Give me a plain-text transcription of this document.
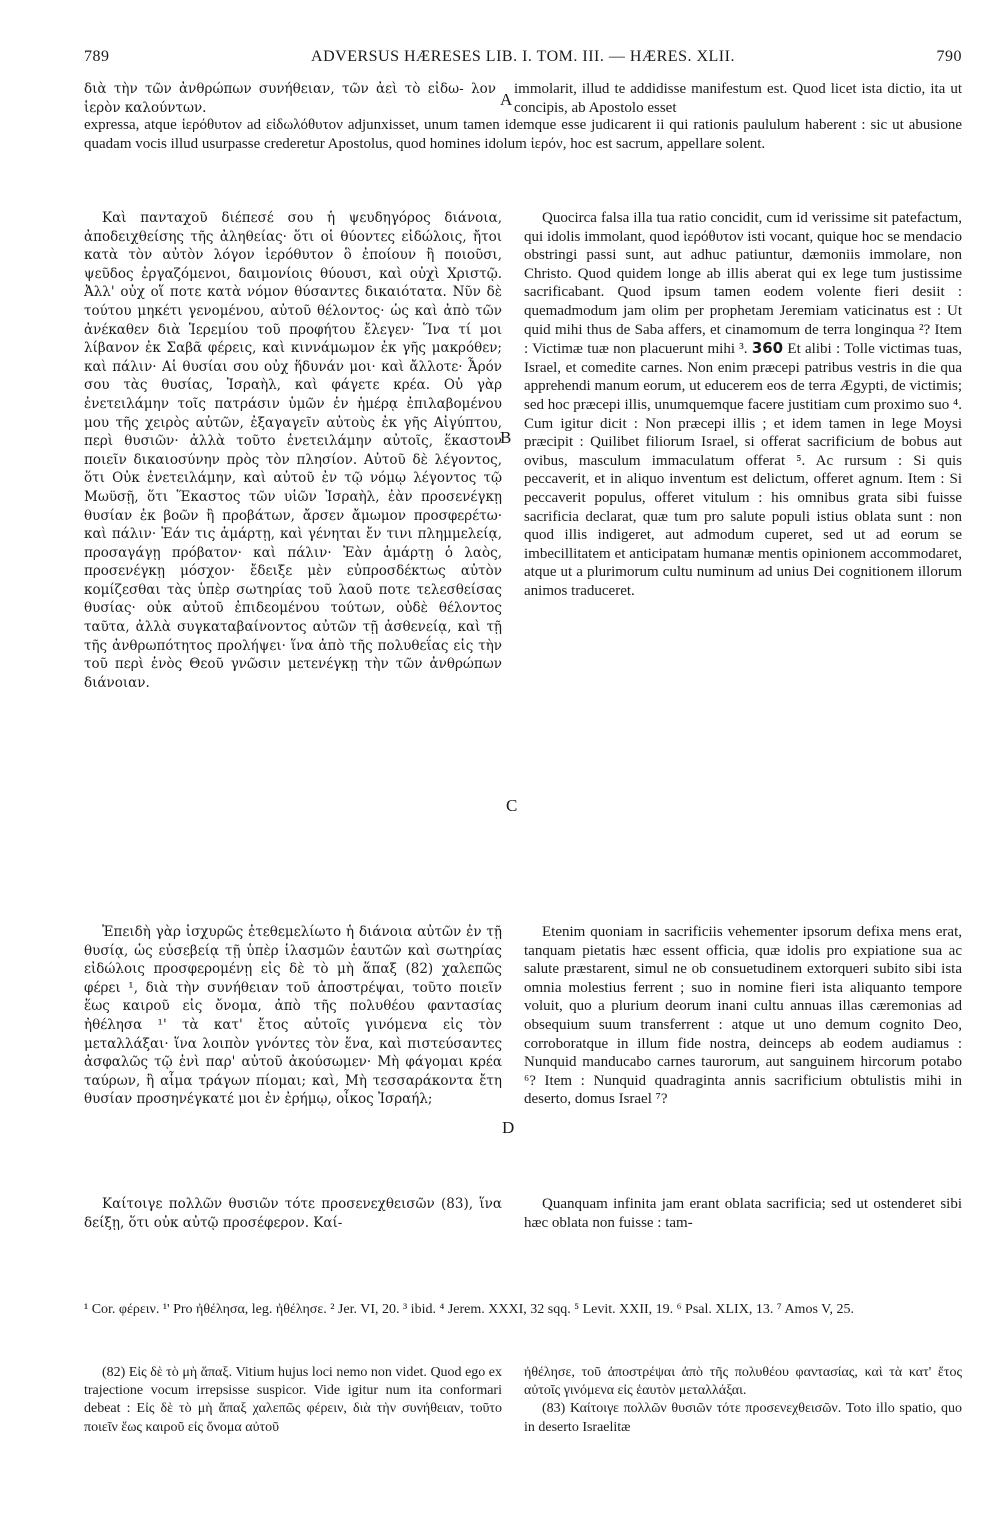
789	ADVERSUS HÆRESES LIB. I. TOM. III. — HÆRES. XLII.	790
διὰ τὴν τῶν ἀνθρώπων συνήθειαν, τῶν ἀεὶ τὸ εἰδω- λον ἱερὸν καλούντων.
immolarit, illud te addidisse manifestum est. Quod licet ista dictio, ita ut concipis, ab Apostolo esset
expressa, atque ἱερόθυτον ad εἰδωλόθυτον adjunxisset, unum tamen idemque esse judicarent ii qui rationis paululum haberent : sic ut abusione quadam vocis illud usurpasse crederetur Apostolus, quod homines idolum ἱερόν, hoc est sacrum, appellare solent.
A
B
C
D

Καὶ πανταχοῦ διέπεσέ σου ἡ ψευδηγόρος διάνοια, ἀποδειχθείσης τῆς ἀληθείας· ὅτι οἱ θύοντες εἰδώλοις, ἤτοι κατὰ τὸν αὐτὸν λόγον ἱερόθυτον ὃ ἐποίουν ἢ ποιοῦσι, ψεῦδος ἐργαζόμενοι, δαιμονίοις θύουσι, καὶ οὐχὶ Χριστῷ. Ἀλλ' οὐχ οἵ ποτε κατὰ νόμον θύσαντες δικαιότατα. Νῦν δὲ τούτου μηκέτι γενομένου, αὐτοῦ θέλοντος· ὡς καὶ ἀπὸ τῶν ἀνέκαθεν διὰ Ἱερεμίου τοῦ προφήτου ἔλεγεν· Ἵνα τί μοι λίβανον ἐκ Σαβᾶ φέρεις, καὶ κιννάμωμον ἐκ γῆς μακρόθεν; καὶ πάλιν· Αἱ θυσίαι σου οὐχ ἥδυνάν μοι· καὶ ἄλλοτε· Ἆρόν σου τὰς θυσίας, Ἰσραὴλ, καὶ φάγετε κρέα. Οὐ γὰρ ἐνετειλάμην τοῖς πατράσιν ὑμῶν ἐν ἡμέρᾳ ἐπιλαβομένου μου τῆς χειρὸς αὐτῶν, ἐξαγαγεῖν αὐτοὺς ἐκ γῆς Αἰγύπτου, περὶ θυσιῶν· ἀλλὰ τοῦτο ἐνετειλάμην αὐτοῖς, ἕκαστον ποιεῖν δικαιοσύνην πρὸς τὸν πλησίον. Αὐτοῦ δὲ λέγοντος, ὅτι Οὐκ ἐνετειλάμην, καὶ αὐτοῦ ἐν τῷ νόμῳ λέγοντος τῷ Μωϋσῇ, ὅτι Ἕκαστος τῶν υἱῶν Ἰσραὴλ, ἐὰν προσενέγκῃ θυσίαν ἐκ βοῶν ἢ προβάτων, ἄρσεν ἄμωμον προσφερέτω· καὶ πάλιν· Ἐάν τις ἁμάρτῃ, καὶ γένηται ἔν τινι πλημμελείᾳ, προσαγάγῃ πρόβατον· καὶ πάλιν· Ἐὰν ἁμάρτῃ ὁ λαὸς, προσενέγκῃ μόσχον· ἔδειξε μὲν εὐπροσδέκτως αὐτὸν κομίζεσθαι τὰς ὑπὲρ σωτηρίας τοῦ λαοῦ ποτε τελεσθείσας θυσίας· οὐκ αὐτοῦ ἐπιδεομένου τούτων, οὐδὲ θέλοντος ταῦτα, ἀλλὰ συγκαταβαίνοντος αὐτῶν τῇ ἀσθενείᾳ, καὶ τῇ τῆς ἀνθρωπότητος προλήψει· ἵνα ἀπὸ τῆς πολυθεΐας εἰς τὴν τοῦ περὶ ἑνὸς Θεοῦ γνῶσιν μετενέγκῃ τὴν τῶν ἀνθρώπων διάνοιαν.

Ἐπειδὴ γὰρ ἰσχυρῶς ἐτεθεμελίωτο ἡ διάνοια αὐτῶν ἐν τῇ θυσίᾳ, ὡς εὐσεβείᾳ τῇ ὑπὲρ ἱλασμῶν ἑαυτῶν καὶ σωτηρίας εἰδώλοις προσφερομένῃ εἰς δὲ τὸ μὴ ἅπαξ (82) χαλεπῶς φέρει ¹, διὰ τὴν συνήθειαν τοῦ ἀποστρέψαι, τοῦτο ποιεῖν ἕως καιροῦ εἰς ὄνομα, ἀπὸ τῆς πολυθέου φαντασίας ἠθέλησα ¹' τὰ κατ' ἔτος αὐτοῖς γινόμενα εἰς τὸν μεταλλάξαι· ἵνα λοιπὸν γνόντες τὸν ἕνα, καὶ πιστεύσαντες ἀσφαλῶς τῷ ἑνὶ παρ' αὐτοῦ ἀκούσωμεν· Μὴ φάγομαι κρέα ταύρων, ἢ αἷμα τράγων πίομαι; καὶ, Μὴ τεσσαράκοντα ἔτη θυσίαν προσηνέγκατέ μοι ἐν ἐρήμῳ, οἶκος Ἰσραήλ;

Καίτοιγε πολλῶν θυσιῶν τότε προσενεχθεισῶν (83), ἵνα δείξῃ, ὅτι οὐκ αὐτῷ προσέφερον. Καί-

Quocirca falsa illa tua ratio concidit, cum id verissime sit patefactum, qui idolis immolant, quod ἱερόθυτον isti vocant, quique hoc se mendacio obstringi passi sunt, aut adhuc patiuntur, dæmoniis immolare, non Christo. Quod quidem longe ab illis aberat qui ex lege tum justissime sacrificabant. Quod ipsum tamen eodem volente fieri desiit : quemadmodum jam olim per prophetam Jeremiam vaticinatus est : Ut quid mihi thus de Saba affers, et cinamomum de terra longinqua ²? Item : Victimæ tuæ non placuerunt mihi ³. 360 Et alibi : Tolle victimas tuas, Israel, et comedite carnes. Non enim præcepi patribus vestris in die qua apprehendi manum eorum, ut educerem eos de terra Ægypti, de victimis; sed hoc præcepi illis, unumquemque facere justitiam cum proximo suo ⁴. Cum igitur dicit : Non præcepi illis ; et idem tamen in lege Moysi præcipit : Quilibet filiorum Israel, si offerat sacrificium de bobus aut ovibus, masculum immaculatum offerat ⁵. Ac rursum : Si quis peccaverit, et in aliquo inventum est delictum, offeret agnum. Item : Si peccaverit populus, offeret vitulum : his omnibus grata sibi fuisse sacrificia declarat, quæ tum pro salute populi istius oblata sunt : non quod illis indigeret, aut admodum cuperet, sed ut ad eorum se imbecillitatem et anticipatam humanæ mentis opinionem accommodaret, atque ut a plurimorum cultu numinum ad unius Dei cognitionem illorum animos traduceret.

Etenim quoniam in sacrificiis vehementer ipsorum defixa mens erat, tanquam pietatis hæc essent officia, quæ idolis pro expiatione sua ac salute præstarent, simul ne ob consuetudinem extorqueri subito sibi ista omnia molestius ferrent ; suo in nomine fieri ista aliquanto tempore voluit, quo a plurium deorum inani cultu annuas illas cæremonias ad obsequium suum transferrent : atque ut uno demum cognito Deo, corroboratque in illum fide nostra, deinceps ab eodem audiamus : Nunquid manducabo carnes taurorum, aut sanguinem hircorum potabo ⁶? Item : Nunquid quadraginta annis sacrificium obtulistis mihi in deserto, domus Israel ⁷?

Quanquam infinita jam erant oblata sacrificia; sed ut ostenderet sibi hæc oblata non fuisse : tam-

¹ Cor. φέρειν. ¹' Pro ἠθέλησα, leg. ἠθέλησε. ² Jer. VI, 20. ³ ibid. ⁴ Jerem. XXXI, 32 sqq. ⁵ Levit. XXII, 19. ⁶ Psal. XLIX, 13. ⁷ Amos V, 25.

(82) Εἰς δὲ τὸ μὴ ἅπαξ. Vitium hujus loci nemo non videt. Quod ego ex trajectione vocum irrepsisse suspicor. Vide igitur num ita conformari debeat : Εἰς δὲ τὸ μὴ ἅπαξ χαλεπῶς φέρειν, διὰ τὴν συνήθειαν, τοῦτο ποιεῖν ἕως καιροῦ εἰς ὄνομα αὐτοῦ

ἠθέλησε, τοῦ ἀποστρέψαι ἀπὸ τῆς πολυθέου φαντασίας, καὶ τὰ κατ' ἔτος αὐτοῖς γινόμενα εἰς ἑαυτὸν μεταλλάξαι.

(83) Καίτοιγε πολλῶν θυσιῶν τότε προσενεχθεισῶν. Toto illo spatio, quo in deserto Israelitæ
